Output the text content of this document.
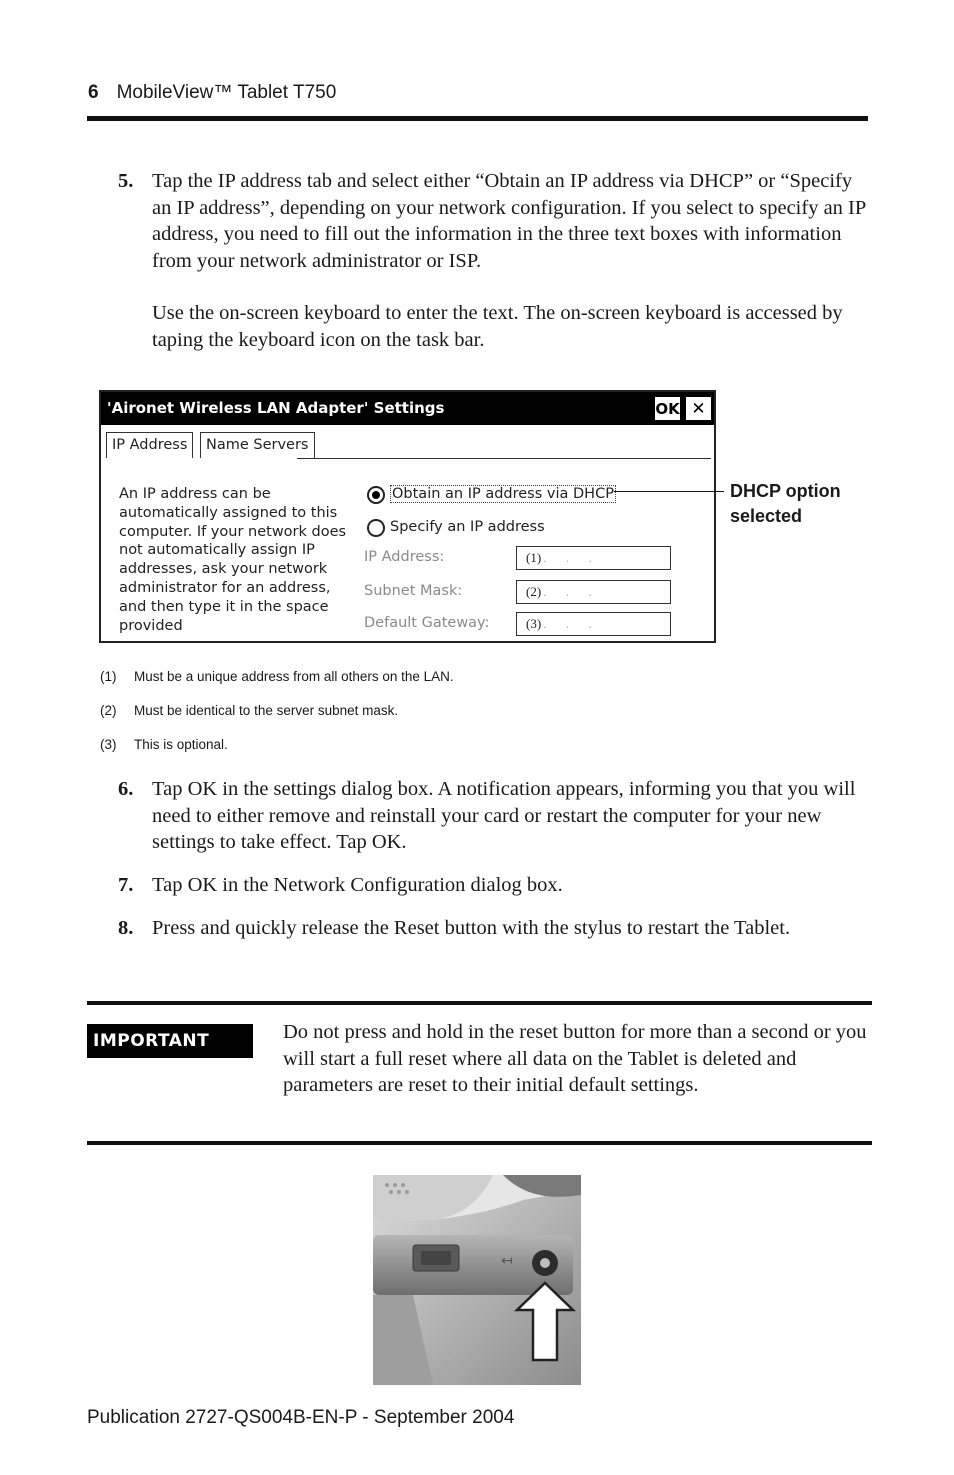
6 MobileView™ Tablet T750
5. Tap the IP address tab and select either “Obtain an IP address via DHCP” or “Specify an IP address”, depending on your network configuration. If you select to specify an IP address, you need to fill out the information in the three text boxes with information from your network administrator or ISP.
Use the on-screen keyboard to enter the text. The on-screen keyboard is accessed by taping the keyboard icon on the task bar.
'Aironet Wireless LAN Adapter' Settings	OK ✕
IP Address	Name Servers
An IP address can be automatically assigned to this computer. If your network does not automatically assign IP addresses, ask your network administrator for an address, and then type it in the space provided
Obtain an IP address via DHCP
Specify an IP address
IP Address:	(1) .      .      .
Subnet Mask:	(2) .      .      .
Default Gateway:	(3) .      .      .
DHCP option
selected
(1) Must be a unique address from all others on the LAN.
(2) Must be identical to the server subnet mask.
(3) This is optional.
6. Tap OK in the settings dialog box. A notification appears, informing you that you will need to either remove and reinstall your card or restart the computer for your new settings to take effect. Tap OK.
7. Tap OK in the Network Configuration dialog box.
8. Press and quickly release the Reset button with the stylus to restart the Tablet.
IMPORTANT	Do not press and hold in the reset button for more than a second or you will start a full reset where all data on the Tablet is deleted and parameters are reset to their initial default settings.
↤
Publication 2727-QS004B-EN-P - September 2004
